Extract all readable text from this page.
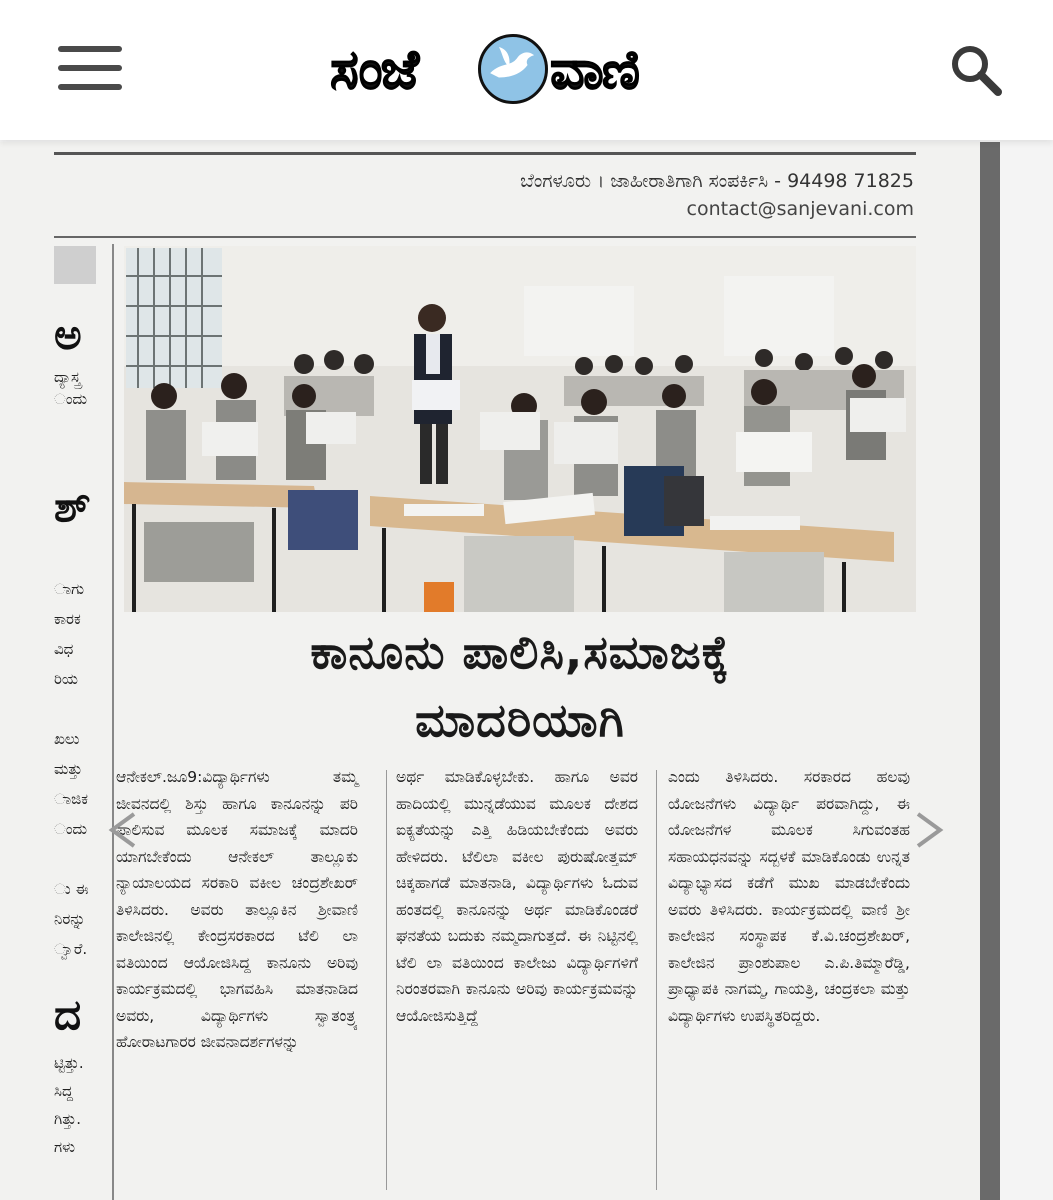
ಸಂಜೆ ವಾಣಿ
ಬೆಂಗಳೂರು । ಜಾಹೀರಾತಿಗಾಗಿ ಸಂಪರ್ಕಿಸಿ - 94498 71825
contact@sanjevani.com
ಅ
ದ್ಯಾಸ್ತ್ರ
ಂದು
ಶ್
ಾಗು
ಕಾರಕ
ವಿಧ
ರಿಯ
ಖಲು
ಮತ್ತು
ಾಜಿಕ
ಂದು
ು ಈ
ನಿರನ್ನು
್ವಾರೆ.
ದ
ಟ್ಟಿತ್ತು.
ಸಿದ್ದ
ಗಿತ್ತು.
ಗಳು
ಕಾನೂನು ಪಾಲಿಸಿ,ಸಮಾಜಕ್ಕೆ
ಮಾದರಿಯಾಗಿ
ಆನೇಕಲ್.ಜೂ9:ವಿದ್ಯಾರ್ಥಿಗಳು ತಮ್ಮ ಜೀವನದಲ್ಲಿ ಶಿಸ್ತು ಹಾಗೂ ಕಾನೂನನ್ನು ಪರಿ ಪಾಲಿಸುವ ಮೂಲಕ ಸಮಾಜಕ್ಕೆ ಮಾದರಿ ಯಾಗಬೇಕೆಂದು ಆನೇಕಲ್ ತಾಲ್ಲೂಕು ನ್ಯಾಯಾಲಯದ ಸರಕಾರಿ ವಕೀಲ ಚಂದ್ರಶೇಖರ್ ತಿಳಿಸಿದರು. ಅವರು ತಾಲ್ಲೂಕಿನ ಶ್ರೀವಾಣಿ ಕಾಲೇಜಿನಲ್ಲಿ ಕೇಂದ್ರಸರಕಾರದ ಟೆಲಿ ಲಾ ವತಿಯಿಂದ ಆಯೋಜಿಸಿದ್ದ ಕಾನೂನು ಅರಿವು ಕಾರ್ಯಕ್ರಮದಲ್ಲಿ ಭಾಗವಹಿಸಿ ಮಾತನಾಡಿದ ಅವರು, ವಿದ್ಯಾರ್ಥಿಗಳು ಸ್ವಾತಂತ್ರ್ಯ ಹೋರಾಟಗಾರರ ಜೀವನಾದರ್ಶಗಳನ್ನು
ಅರ್ಥ ಮಾಡಿಕೊಳ್ಳಬೇಕು. ಹಾಗೂ ಅವರ ಹಾದಿಯಲ್ಲಿ ಮುನ್ನಡೆಯುವ ಮೂಲಕ ದೇಶದ ಐಕ್ಯತೆಯನ್ನು ಎತ್ತಿ ಹಿಡಿಯಬೇಕೆಂದು ಅವರು ಹೇಳಿದರು. ಟೆಲಿಲಾ ವಕೀಲ ಪುರುಷೋತ್ತಮ್ ಚಿಕ್ಕಹಾಗಡೆ ಮಾತನಾಡಿ, ವಿದ್ಯಾರ್ಥಿಗಳು ಓದುವ ಹಂತದಲ್ಲಿ ಕಾನೂನನ್ನು ಅರ್ಥ ಮಾಡಿಕೊಂಡರೆ ಘನತೆಯ ಬದುಕು ನಮ್ಮದಾಗುತ್ತದೆ. ಈ ನಿಟ್ಟಿನಲ್ಲಿ ಟೆಲಿ ಲಾ ವತಿಯಿಂದ ಕಾಲೇಜು ವಿದ್ಯಾರ್ಥಿಗಳಿಗೆ ನಿರಂತರವಾಗಿ ಕಾನೂನು ಅರಿವು ಕಾರ್ಯಕ್ರಮವನ್ನು ಆಯೋಜಿಸುತ್ತಿದ್ದೆ
ಎಂದು ತಿಳಿಸಿದರು. ಸರಕಾರದ ಹಲವು ಯೋಜನೆಗಳು ವಿದ್ಯಾರ್ಥಿ ಪರವಾಗಿದ್ದು, ಈ ಯೋಜನೆಗಳ ಮೂಲಕ ಸಿಗುವಂತಹ ಸಹಾಯಧನವನ್ನು ಸದ್ಬಳಕೆ ಮಾಡಿಕೊಂಡು ಉನ್ನತ ವಿದ್ಯಾಭ್ಯಾಸದ ಕಡೆಗೆ ಮುಖ ಮಾಡಬೇಕೆಂದು ಅವರು ತಿಳಿಸಿದರು. ಕಾರ್ಯಕ್ರಮದಲ್ಲಿ ವಾಣಿ ಶ್ರೀ ಕಾಲೇಜಿನ ಸಂಸ್ಥಾಪಕ ಕೆ.ವಿ.ಚಂದ್ರಶೇಖರ್, ಕಾಲೇಜಿನ ಪ್ರಾಂಶುಪಾಲ ಎ.ಪಿ.ತಿಮ್ಮಾರೆಡ್ಡಿ, ಪ್ರಾಧ್ಯಾಪಕಿ ನಾಗಮ್ಮ, ಗಾಯತ್ರಿ, ಚಂದ್ರಕಲಾ ಮತ್ತು ವಿದ್ಯಾರ್ಥಿಗಳು ಉಪಸ್ಥಿತರಿದ್ದರು.
